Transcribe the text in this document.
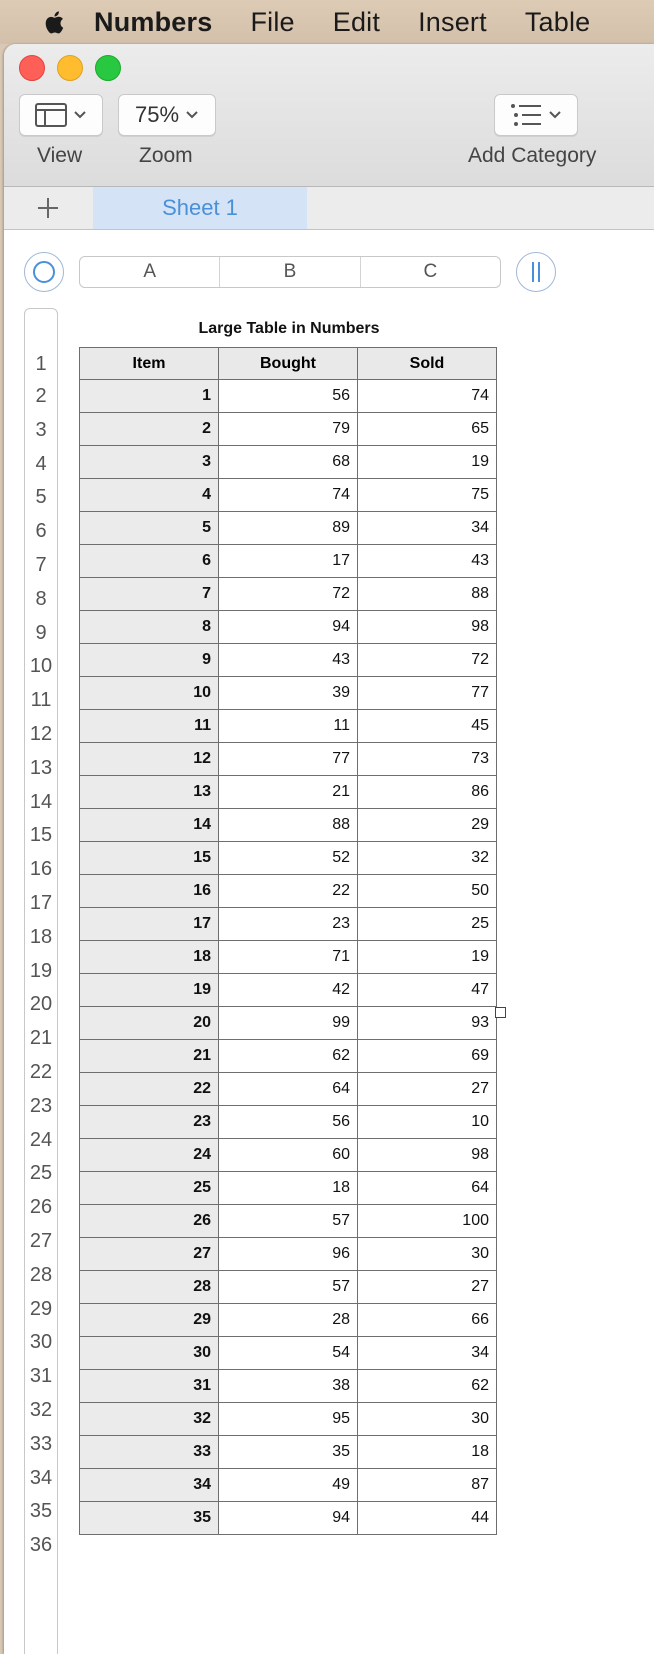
Numbers File Edit Insert Table
75%
View	Zoom	Add Category
Sheet 1
A	B	C
1
2
3
4
5
6
7
8
9
10
11
12
13
14
15
16
17
18
19
20
21
22
23
24
25
26
27
28
29
30
31
32
33
34
35
36
Large Table in Numbers
Item	Bought	Sold
1	56	74
2	79	65
3	68	19
4	74	75
5	89	34
6	17	43
7	72	88
8	94	98
9	43	72
10	39	77
11	11	45
12	77	73
13	21	86
14	88	29
15	52	32
16	22	50
17	23	25
18	71	19
19	42	47
20	99	93
21	62	69
22	64	27
23	56	10
24	60	98
25	18	64
26	57	100
27	96	30
28	57	27
29	28	66
30	54	34
31	38	62
32	95	30
33	35	18
34	49	87
35	94	44
